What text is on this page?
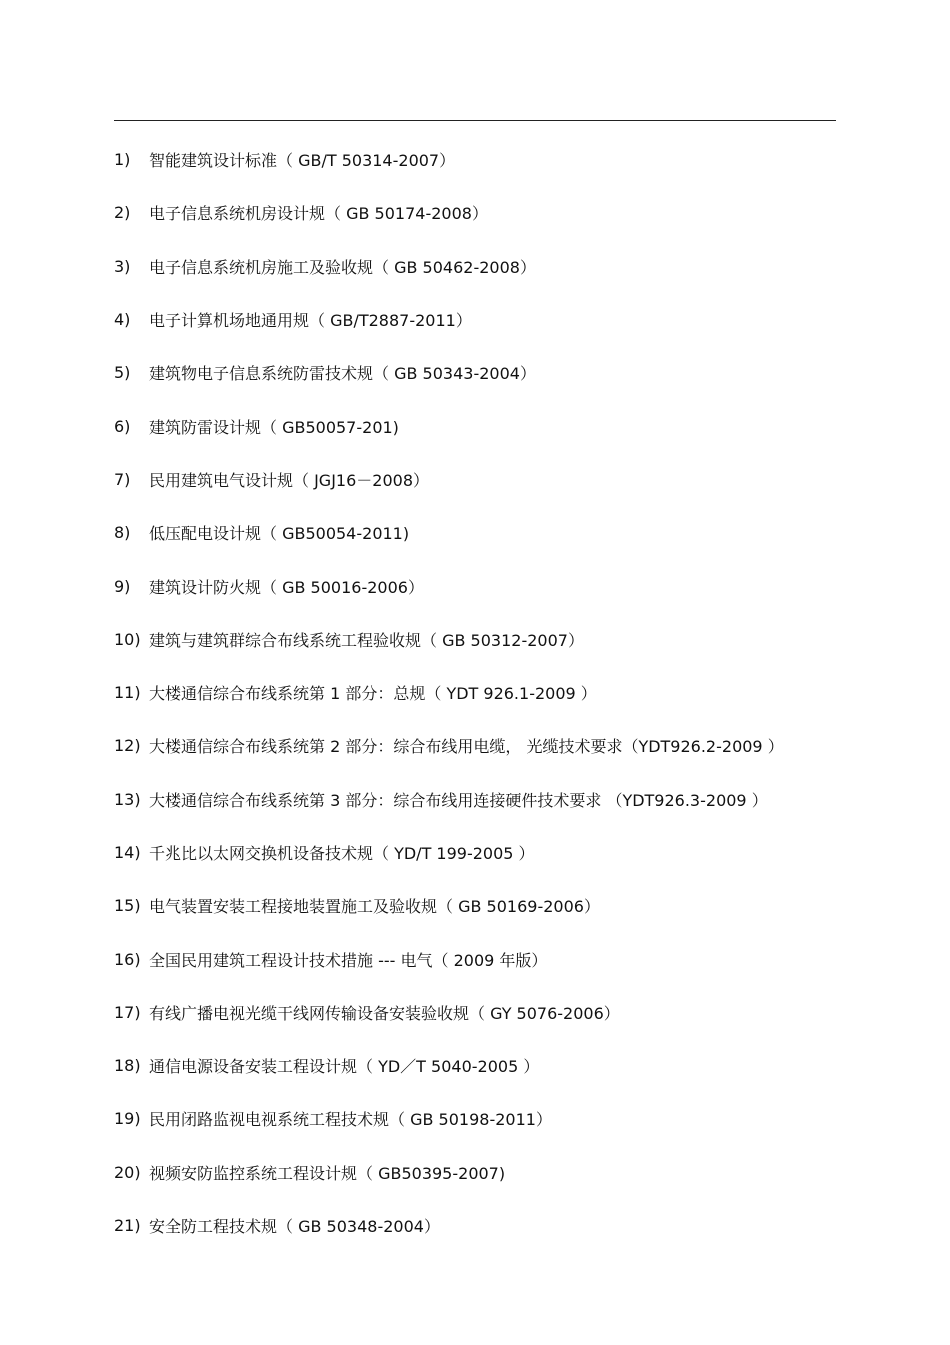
1)	智能建筑设计标准（ GB/T 50314-2007）
2)	电子信息系统机房设计规（ GB 50174-2008）
3)	电子信息系统机房施工及验收规（ GB 50462-2008）
4)	电子计算机场地通用规（ GB/T2887-2011）
5)	建筑物电子信息系统防雷技术规（ GB 50343-2004）
6)	建筑防雷设计规（ GB50057-201)
7)	民用建筑电气设计规（ JGJ16－2008）
8)	低压配电设计规（ GB50054-2011)
9)	建筑设计防火规（ GB 50016-2006）
10) 建筑与建筑群综合布线系统工程验收规（ GB 50312-2007）
11) 大楼通信综合布线系统第 1 部分：总规（ YDT 926.1-2009 ）
12) 大楼通信综合布线系统第 2 部分：综合布线用电缆， 光缆技术要求（YDT926.2-2009 ）
13) 大楼通信综合布线系统第 3 部分：综合布线用连接硬件技术要求 （YDT926.3-2009 ）
14) 千兆比以太网交换机设备技术规（ YD/T 199-2005 ）
15) 电气装置安装工程接地装置施工及验收规（ GB 50169-2006）
16) 全国民用建筑工程设计技术措施 --- 电气（ 2009 年版）
17) 有线广播电视光缆干线网传输设备安装验收规（ GY 5076-2006）
18) 通信电源设备安装工程设计规（ YD／T 5040-2005 ）
19) 民用闭路监视电视系统工程技术规（ GB 50198-2011）
20) 视频安防监控系统工程设计规（ GB50395-2007)
21) 安全防工程技术规（ GB 50348-2004）
